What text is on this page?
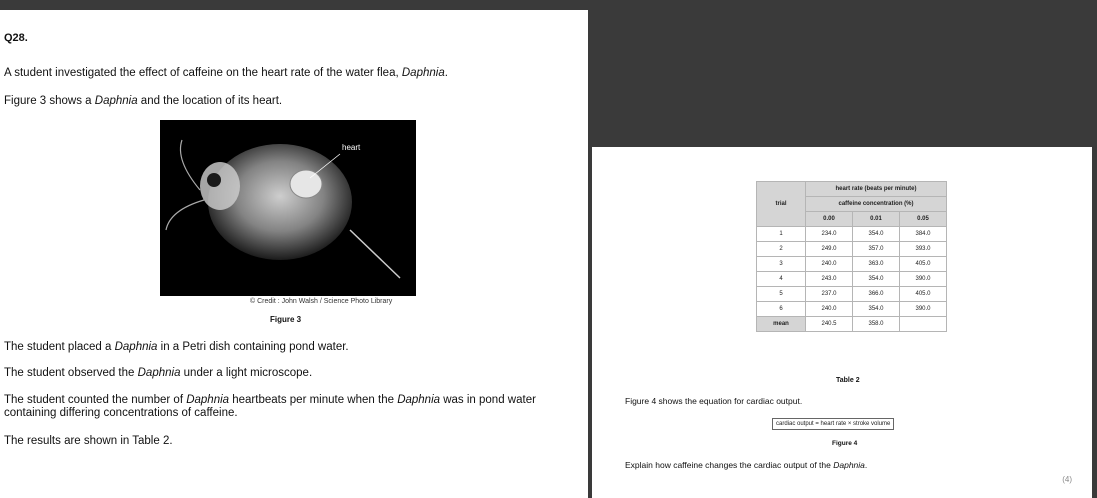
Q28.
A student investigated the effect of caffeine on the heart rate of the water flea, Daphnia.
Figure 3 shows a Daphnia and the location of its heart.
heart
© Credit : John Walsh / Science Photo Library
Figure 3
The student placed a Daphnia in a Petri dish containing pond water.
The student observed the Daphnia under a light microscope.
The student counted the number of Daphnia heartbeats per minute when the Daphnia was in pond water containing differing concentrations of caffeine.
The results are shown in Table 2.
trial	heart rate (beats per minute)		
	caffeine concentration (%)		
	0.00	0.01	0.05
1	234.0	354.0	384.0
2	249.0	357.0	393.0
3	240.0	363.0	405.0
4	243.0	354.0	390.0
5	237.0	366.0	405.0
6	240.0	354.0	390.0
mean	240.5	358.0	
Table 2
Figure 4 shows the equation for cardiac output.
cardiac output = heart rate × stroke volume
Figure 4
Explain how caffeine changes the cardiac output of the Daphnia.
(4)
